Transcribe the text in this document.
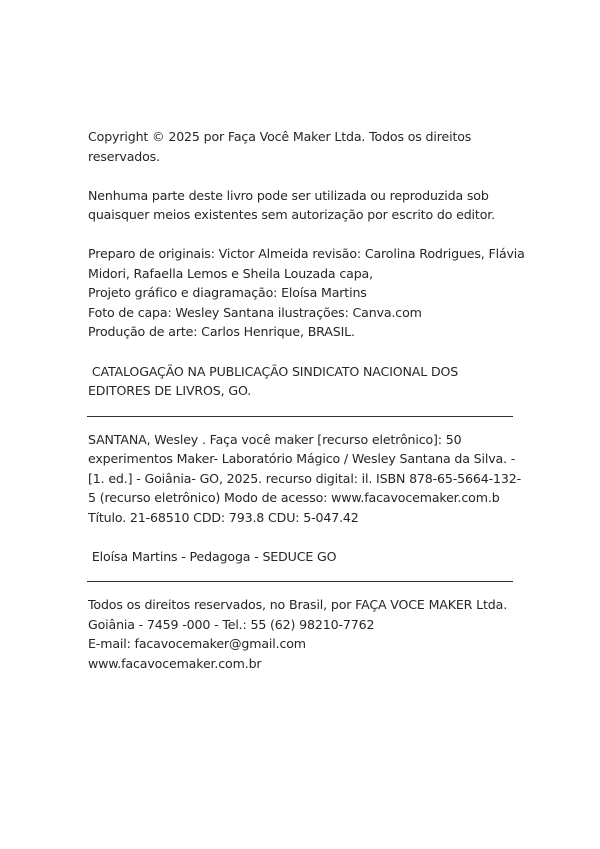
Copyright © 2025 por Faça Você Maker Ltda. Todos os direitos
reservados.

Nenhuma parte deste livro pode ser utilizada ou reproduzida sob
quaisquer meios existentes sem autorização por escrito do editor.

Preparo de originais: Victor Almeida revisão: Carolina Rodrigues, Flávia
Midori, Rafaella Lemos e Sheila Louzada capa,
Projeto gráfico e diagramação: Eloísa Martins
Foto de capa: Wesley Santana ilustrações: Canva.com
Produção de arte: Carlos Henrique, BRASIL.

CATALOGAÇÃO NA PUBLICAÇÃO SINDICATO NACIONAL DOS
EDITORES DE LIVROS, GO.

SANTANA, Wesley . Faça você maker [recurso eletrônico]: 50
experimentos Maker- Laboratório Mágico / Wesley Santana da Silva. -
[1. ed.] - Goiânia- GO, 2025. recurso digital: il. ISBN 878-65-5664-132-
5 (recurso eletrônico) Modo de acesso: www.facavocemaker.com.b
Título. 21-68510 CDD: 793.8 CDU: 5-047.42

Eloísa Martins - Pedagoga - SEDUCE GO

Todos os direitos reservados, no Brasil, por FAÇA VOCE MAKER Ltda.
Goiânia - 7459 -000 - Tel.: 55 (62) 98210-7762
E-mail: facavocemaker@gmail.com
www.facavocemaker.com.br
